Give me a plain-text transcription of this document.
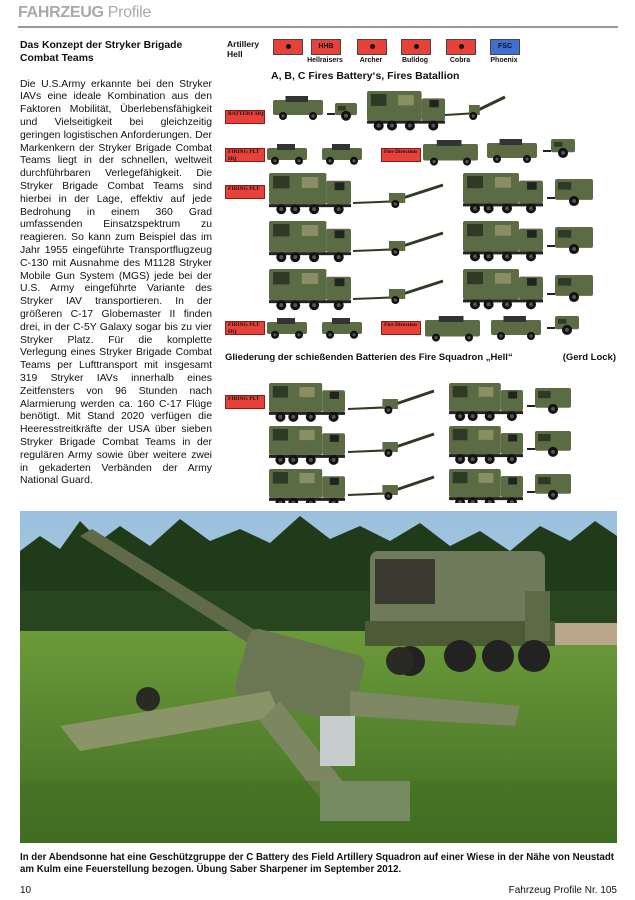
FAHRZEUG Profile
Das Konzept der Stryker Brigade Combat Teams

Die U.S.Army erkannte bei den Stryker IAVs eine ideale Kombination aus den Faktoren Mobilität, Überlebensfähigkeit und Vielseitigkeit bei gleichzeitig geringen logistischen Anforderungen. Der Markenkern der Stryker Brigade Combat Teams liegt in der schnellen, weltweit durchführbaren Verlegefähigkeit. Die Stryker Brigade Combat Teams sind hierbei in der Lage, effektiv auf jede Bedrohung in einem 360 Grad umfassenden Einsatzspektrum zu reagieren. So kann zum Beispiel das im Jahr 1955 eingeführte Transportflugzeug C-130 mit Ausnahme des M1128 Stryker Mobile Gun System (MGS) jede bei der U.S. Army eingeführte Variante des Stryker IAV transportieren. In der größeren C-17 Globemaster II finden drei, in der C-5Y Galaxy sogar bis zu vier Stryker Platz. Für die komplette Verlegung eines Stryker Brigade Combat Teams per Lufttransport mit insgesamt 319 Stryker IAVs innerhalb eines Zeitfensters von 96 Stunden nach Alarmierung werden ca. 160 C-17 Flüge benötigt. Mit Stand 2020 verfügen die Heeresstreitkräfte der USA über sieben Stryker Brigade Combat Teams in der regulären Army sowie über weitere zwei in gekaderten Verbänden der Army National Guard.

Artillery Hell
HHB
Hellraisers	Archer	Bulldog	Cobra
FSC
Phoenix
A, B, C Fires Battery‘s, Fires Batallion
BATTERY HQ
FIRING PLT HQ
Fire Direction
FIRING PLT
FIRING PLT HQ
Fire Direction
FIRING PLT
Gliederung der schießenden Batterien des Fire Squadron „Hell“	(Gerd Lock)
In der Abendsonne hat eine Geschützgruppe der C Battery des Field Artillery Squadron auf einer Wiese in der Nähe von Neustadt am Kulm eine Feuerstellung bezogen. Übung Saber Sharpener im September 2012.
10	Fahrzeug Profile Nr. 105
